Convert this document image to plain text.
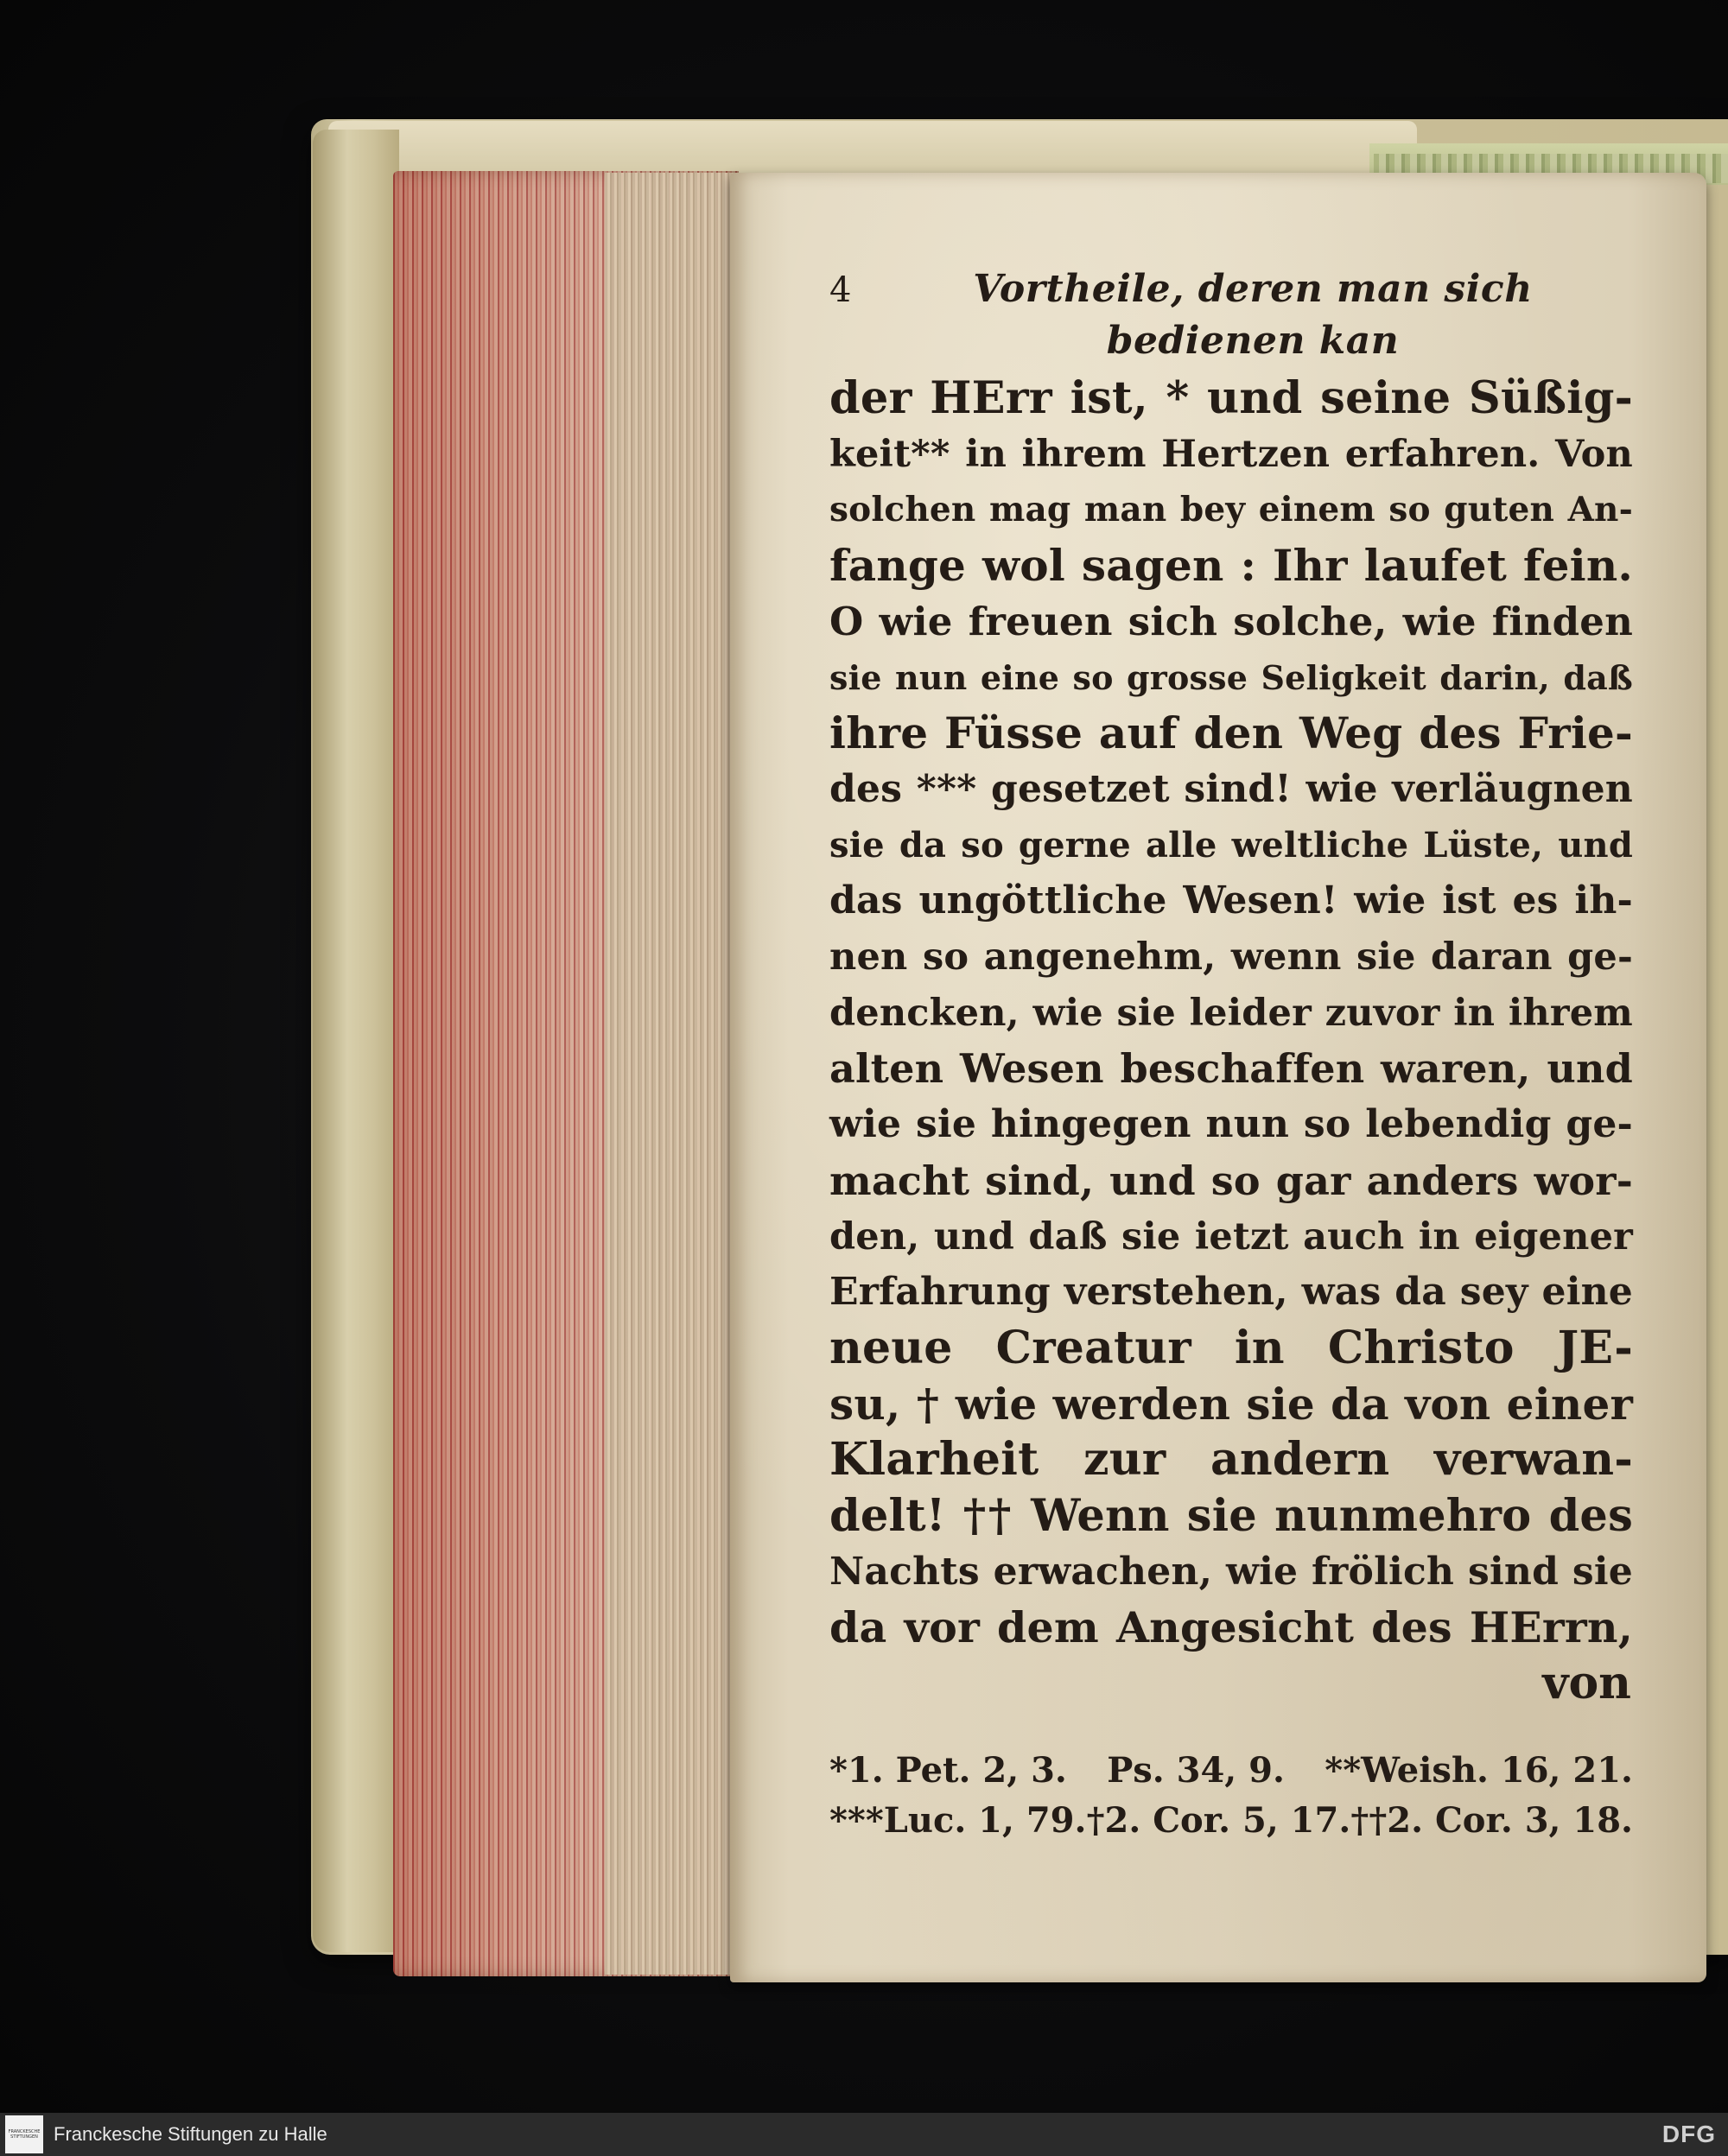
4	Vortheile, deren man sich bedienen kan
der HErr ist, * und seine Süßig-
keit** in ihrem Hertzen erfahren. Von
solchen mag man bey einem so guten An-
fange wol sagen : Ihr laufet fein.
O wie freuen sich solche, wie finden
sie nun eine so grosse Seligkeit darin, daß
ihre Füsse auf den Weg des Frie-
des *** gesetzet sind! wie verläugnen
sie da so gerne alle weltliche Lüste, und
das ungöttliche Wesen! wie ist es ih-
nen so angenehm, wenn sie daran ge-
dencken, wie sie leider zuvor in ihrem
alten Wesen beschaffen waren, und
wie sie hingegen nun so lebendig ge-
macht sind, und so gar anders wor-
den, und daß sie ietzt auch in eigener
Erfahrung verstehen, was da sey eine
neue Creatur in Christo JE-
su, † wie werden sie da von einer
Klarheit zur andern verwan-
delt! †† Wenn sie nunmehro des
Nachts erwachen, wie frölich sind sie
da vor dem Angesicht des HErrn,
von
*1. Pet. 2, 3. Ps. 34, 9. **Weish. 16, 21.
***Luc. 1, 79. †2. Cor. 5, 17. ††2. Cor. 3, 18.
FRANCKESCHE STIFTUNGEN Franckesche Stiftungen zu Halle	DFG
